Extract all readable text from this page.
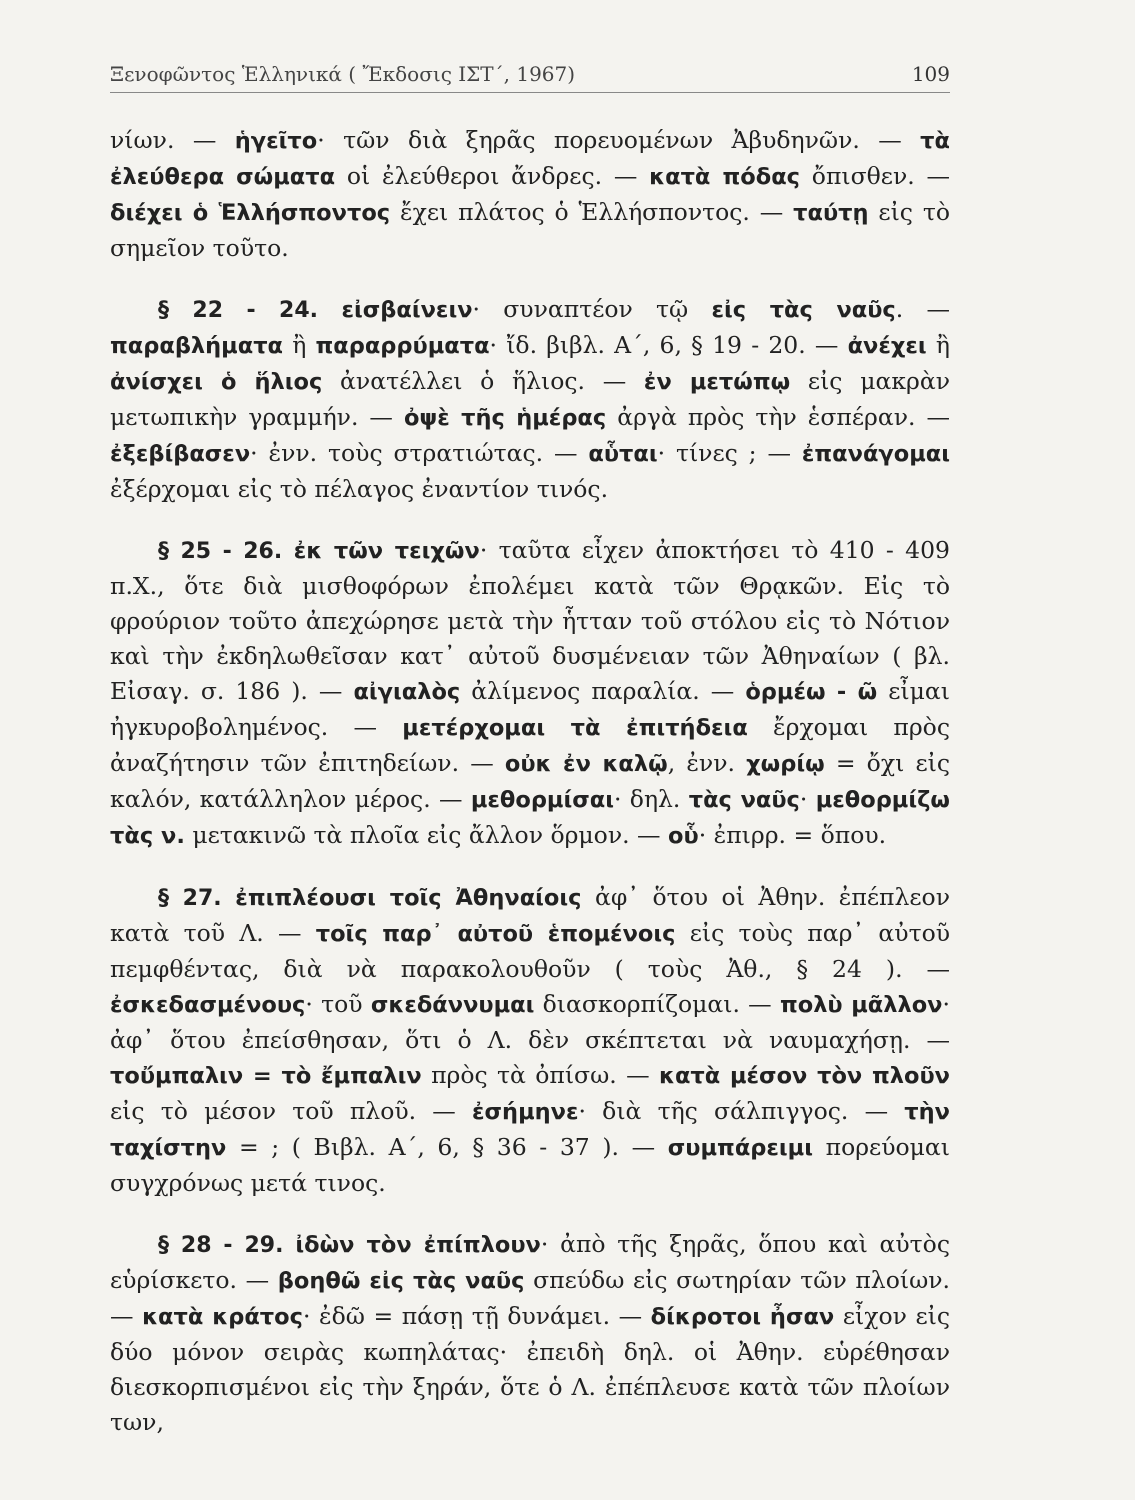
Ξενοφῶντος Ἑλληνικά ( Ἔκδοσις ΙΣΤ΄, 1967)	109

νίων. — ἡγεῖτο· τῶν διὰ ξηρᾶς πορευομένων Ἀβυδηνῶν. — τὰ ἐλεύθερα σώματα οἱ ἐλεύθεροι ἄνδρες. — κατὰ πόδας ὄπισθεν. — διέχει ὁ Ἑλλήσποντος ἔχει πλάτος ὁ Ἑλλήσποντος. — ταύτῃ εἰς τὸ σημεῖον τοῦτο.

§ 22 - 24. εἰσβαίνειν· συναπτέον τῷ εἰς τὰς ναῦς. — παραβλήματα ἢ παραρρύματα· ἴδ. βιβλ. Α΄, 6, § 19 - 20. — ἀνέχει ἢ ἀνίσχει ὁ ἥλιος ἀνατέλλει ὁ ἥλιος. — ἐν μετώπῳ εἰς μακρὰν μετωπικὴν γραμμήν. — ὀψὲ τῆς ἡμέρας ἀργὰ πρὸς τὴν ἑσπέραν. — ἐξεβίβασεν· ἐνν. τοὺς στρατιώτας. — αὗται· τίνες ; — ἐπανάγομαι ἐξέρχομαι εἰς τὸ πέλαγος ἐναντίον τινός.

§ 25 - 26. ἐκ τῶν τειχῶν· ταῦτα εἶχεν ἀποκτήσει τὸ 410 - 409 π.Χ., ὅτε διὰ μισθοφόρων ἐπολέμει κατὰ τῶν Θρᾳκῶν. Εἰς τὸ φρούριον τοῦτο ἀπεχώρησε μετὰ τὴν ἧτταν τοῦ στόλου εἰς τὸ Νότιον καὶ τὴν ἐκδηλωθεῖσαν κατ᾽ αὐτοῦ δυσμένειαν τῶν Ἀθηναίων ( βλ. Εἰσαγ. σ. 186 ). — αἰγιαλὸς ἀλίμενος παραλία. — ὁρμέω - ῶ εἶμαι ἠγκυροβολημένος. — μετέρχομαι τὰ ἐπιτήδεια ἔρχομαι πρὸς ἀναζήτησιν τῶν ἐπιτηδείων. — οὐκ ἐν καλῷ, ἐνν. χωρίῳ = ὄχι εἰς καλόν, κατάλληλον μέρος. — μεθορμίσαι· δηλ. τὰς ναῦς· μεθορμίζω τὰς ν. μετακινῶ τὰ πλοῖα εἰς ἄλλον ὅρμον. — οὗ· ἐπιρρ. = ὅπου.

§ 27. ἐπιπλέουσι τοῖς Ἀθηναίοις ἀφ᾽ ὅτου οἱ Ἀθην. ἐπέπλεον κατὰ τοῦ Λ. — τοῖς παρ᾽ αὐτοῦ ἑπομένοις εἰς τοὺς παρ᾽ αὐτοῦ πεμφθέντας, διὰ νὰ παρακολουθοῦν ( τοὺς Ἀθ., § 24 ). — ἐσκεδασμένους· τοῦ σκεδάννυμαι διασκορπίζομαι. — πολὺ μᾶλλον· ἀφ᾽ ὅτου ἐπείσθησαν, ὅτι ὁ Λ. δὲν σκέπτεται νὰ ναυμαχήσῃ. — τοὔμπαλιν = τὸ ἔμπαλιν πρὸς τὰ ὀπίσω. — κατὰ μέσον τὸν πλοῦν εἰς τὸ μέσον τοῦ πλοῦ. — ἐσήμηνε· διὰ τῆς σάλπιγγος. — τὴν ταχίστην = ; ( Βιβλ. Α΄, 6, § 36 - 37 ). — συμπάρειμι πορεύομαι συγχρόνως μετά τινος.

§ 28 - 29. ἰδὼν τὸν ἐπίπλουν· ἀπὸ τῆς ξηρᾶς, ὅπου καὶ αὐτὸς εὑρίσκετο. — βοηθῶ εἰς τὰς ναῦς σπεύδω εἰς σωτηρίαν τῶν πλοίων. — κατὰ κράτος· ἐδῶ = πάσῃ τῇ δυνάμει. — δίκροτοι ἦσαν εἶχον εἰς δύο μόνον σειρὰς κωπηλάτας· ἐπειδὴ δηλ. οἱ Ἀθην. εὑρέθησαν διεσκορπισμένοι εἰς τὴν ξηράν, ὅτε ὁ Λ. ἐπέπλευσε κατὰ τῶν πλοίων των,
